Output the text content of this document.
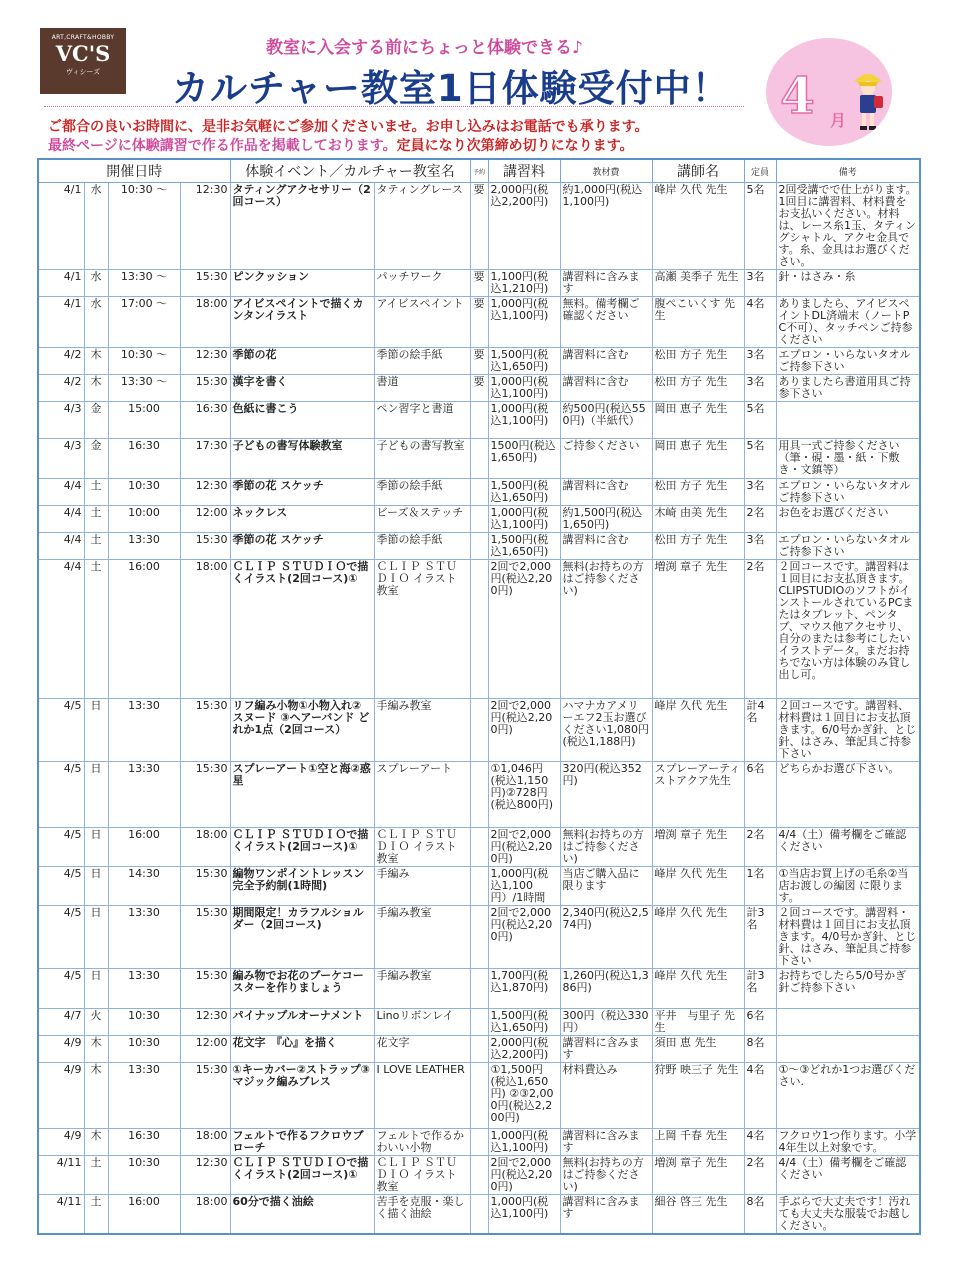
ART,CRAFT&HOBBY
VC'S
ヴィシーズ
教室に入会する前にちょっと体験できる♪
カルチャー教室1日体験受付中！ 4 月
ご都合の良いお時間に、是非お気軽にご参加くださいませ。お申し込みはお電話でも承ります。
最終ページに体験講習で作る作品を掲載しております。定員になり次第締め切りになります。
開催日時				体験イベント／カルチャー教室名		予約	講習料	教材費	講師名	定員	備考
4/1	水	10:30 ～	12:30	タティングアクセサリー（2回コース）	タティングレース	要	2,000円(税込2,200円)	約1,000円(税込1,100円)	峰岸 久代 先生	5名	2回受講でで仕上がります。1回目に講習料、材料費をお支払いください。材料は、レース糸1玉、タティングシャトル、アクセ金具です。糸、金具はお選びください。
4/1	水	13:30 ～	15:30	ピンクッション	パッチワーク	要	1,100円(税込1,210円)	講習料に含みます	高瀬 美季子 先生	3名	針・はさみ・糸
4/1	水	17:00 ～	18:00	アイビスペイントで描くカンタンイラスト	アイビスペイント	要	1,000円(税込1,100円)	無料。備考欄ご確認ください	腹ぺこいくす 先生	4名	ありましたら、アイビスペイントDL済端末（ノートPC不可）、タッチペンご持参ください
4/2	木	10:30 ～	12:30	季節の花	季節の絵手紙	要	1,500円(税込1,650円)	講習料に含む	松田 方子 先生	3名	エプロン・いらないタオルご持参下さい
4/2	木	13:30 ～	15:30	漢字を書く	書道	要	1,000円(税込1,100円)	講習料に含む	松田 方子 先生	3名	ありましたら書道用具ご持参下さい
4/3	金	15:00	16:30	色紙に書こう	ペン習字と書道		1,000円(税込1,100円)	約500円(税込550円)（半紙代）	岡田 恵子 先生	5名	
4/3	金	16:30	17:30	子どもの書写体験教室	子どもの書写教室		1500円(税込1,650円)	ご持参ください	岡田 恵子 先生	5名	用具一式ご持参ください（筆・硯・墨・紙・下敷き・文鎮等）
4/4	土	10:30	12:30	季節の花 スケッチ	季節の絵手紙		1,500円(税込1,650円)	講習料に含む	松田 方子 先生	3名	エプロン・いらないタオルご持参下さい
4/4	土	10:00	12:00	ネックレス	ビーズ＆ステッチ		1,000円(税込1,100円)	約1,500円(税込1,650円)	木崎 由美 先生	2名	お色をお選びください
4/4	土	13:30	15:30	季節の花 スケッチ	季節の絵手紙		1,500円(税込1,650円)	講習料に含む	松田 方子 先生	3名	エプロン・いらないタオルご持参下さい
4/4	土	16:00	18:00	ＣＬＩＰ ＳＴＵＤＩＯで描くイラスト(2回コース)①	ＣＬＩＰ ＳＴＵＤＩＯ イラスト教室		2回で2,000円(税込2,200円)	無料(お持ちの方はご持参ください)	増渕 章子 先生	2名	２回コースです。講習料は１回目にお支払頂きます。CLIPSTUDIOのソフトがインストールされているPCまたはタブレット、ペンタブ、マウス他アクセサリ、自分のまたは参考にしたいイラストデータ。まだお持ちでない方は体験のみ貸し出し可。
4/5	日	13:30	15:30	リフ編み小物①小物入れ②スヌード ③ヘアーバンド どれか1点（2回コース）	手編み教室		2回で2,000円(税込2,200円)	ハマナカアメリーエフ2玉お選びください1,080円(税込1,188円)	峰岸 久代 先生	計4名	２回コースです。講習料、材料費は１回目にお支払頂きます。6/0号かぎ針、とじ針、はさみ、筆記具ご持参下さい
4/5	日	13:30	15:30	スプレーアート①空と海②惑星	スプレーアート		①1,046円(税込1,150円)②728円(税込800円)	320円(税込352円)	スプレーアーティストアクア先生	6名	どちらかお選び下さい。
4/5	日	16:00	18:00	ＣＬＩＰ ＳＴＵＤＩＯで描くイラスト(2回コース)①	ＣＬＩＰ ＳＴＵＤＩＯ イラスト教室		2回で2,000円(税込2,200円)	無料(お持ちの方はご持参ください)	増渕 章子 先生	2名	4/4（土）備考欄をご確認ください
4/5	日	14:30	15:30	編物ワンポイントレッスン 完全予約制(1時間)	手編み		1,000円(税込1,100円）/1時間	当店ご購入品に限ります	峰岸 久代 先生	1名	①当店お買上げの毛糸②当店お渡しの編図 に限ります。
4/5	日	13:30	15:30	期間限定！カラフルショルダー（2回コース)	手編み教室		2回で2,000円(税込2,200円)	2,340円(税込2,574円)	峰岸 久代 先生	計3名	２回コースです。講習料・材料費は１回目にお支払頂きます。4/0号かぎ針、とじ針、はさみ、筆記具ご持参下さい
4/5	日	13:30	15:30	編み物でお花のブーケコースターを作りましょう	手編み教室		1,700円(税込1,870円)	1,260円(税込1,386円)	峰岸 久代 先生	計3名	お持ちでしたら5/0号かぎ針ご持参下さい
4/7	火	10:30	12:30	パイナップルオーナメント	Linoリボンレイ		1,500円(税込1,650円)	300円（税込330円）	平井　与里子 先生	6名	
4/9	木	10:30	12:00	花文字　『心』を描く	花文字		2,000円(税込2,200円)	講習料に含みます	須田 恵 先生	8名	
4/9	木	13:30	15:30	①キーカバー②ストラップ③マジック編みブレス	I LOVE LEATHER		①1,500円(税込1,650円) ②③2,000円(税込2,200円)	材料費込み	狩野 映三子 先生	4名	①～③どれか1つお選びください.
4/9	木	16:30	18:00	フェルトで作るフクロウブローチ	フェルトで作るかわいい小物		1,000円(税込1,100円)	講習料に含みます	上岡 千春 先生	4名	フクロウ1つ作ります。小学4年生以上対象です。
4/11	土	10:30	12:30	ＣＬＩＰ ＳＴＵＤＩＯで描くイラスト(2回コース)①	ＣＬＩＰ ＳＴＵＤＩＯ イラスト教室		2回で2,000円(税込2,200円)	無料(お持ちの方はご持参ください)	増渕 章子 先生	2名	4/4（土）備考欄をご確認ください
4/11	土	16:00	18:00	60分で描く油絵	苦手を克服・楽しく描く油絵		1,000円(税込1,100円)	講習料に含みます	細谷 啓三 先生	8名	手ぶらで大丈夫です！汚れても大丈夫な服装でお越しください。
